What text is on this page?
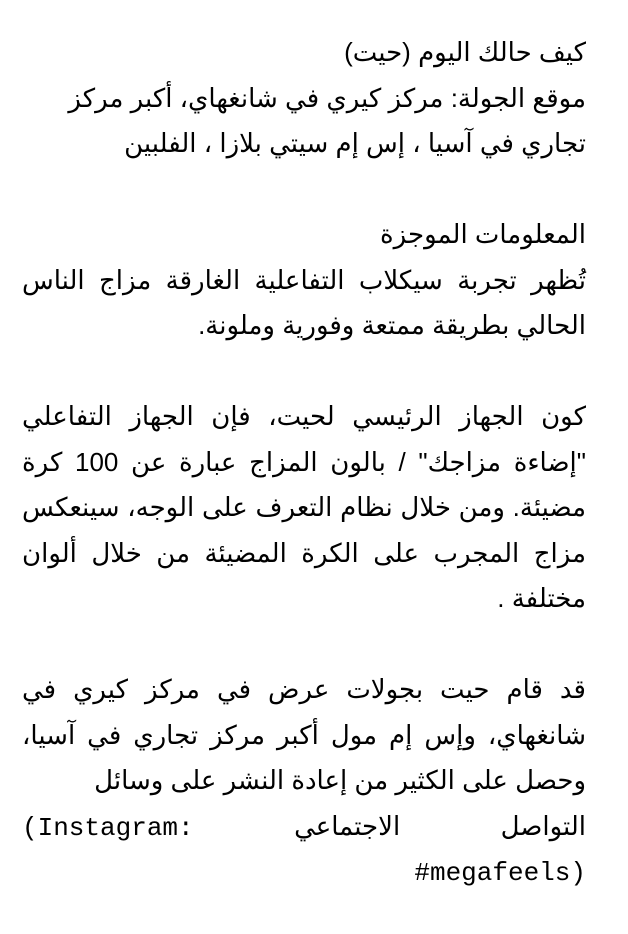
كيف حالك اليوم (حيت)
موقع الجولة: مركز كيري في شانغهاي، أكبر مركز
تجاري في آسيا ، إس إم سيتي بلازا ، الفلبين

المعلومات الموجزة

تُظهر تجربة سيكلاب التفاعلية الغارقة مزاج الناس الحالي بطريقة ممتعة وفورية وملونة.

كون الجهاز الرئيسي لحيت، فإن الجهاز التفاعلي "إضاءة مزاجك" / بالون المزاج عبارة عن 100 كرة مضيئة. ومن خلال نظام التعرف على الوجه، سينعكس مزاج المجرب على الكرة المضيئة من خلال ألوان مختلفة .

قد قام حيت بجولات عرض في مركز كيري في شانغهاي، وإس إم مول أكبر مركز تجاري في آسيا، وحصل على الكثير من إعادة النشر على وسائل

التواصل الاجتماعي (Instagram:
#megafeels)
